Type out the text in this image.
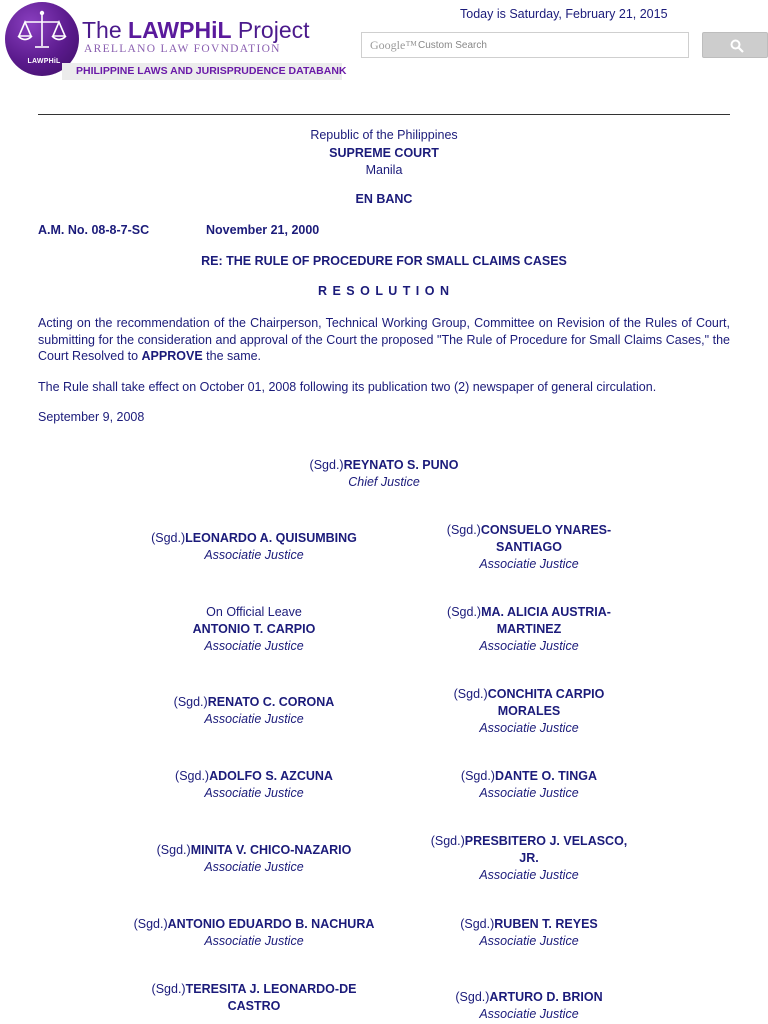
LAWPHiL
The LAWPHiL Project
ARELLANO LAW FOVNDATION
PHILIPPINE LAWS AND JURISPRUDENCE DATABANK
Today is Saturday, February 21, 2015
Google™
Custom Search
Republic of the Philippines
SUPREME COURT
Manila
EN BANC
A.M. No. 08-8-7-SC	November 21, 2000
RE: THE RULE OF PROCEDURE FOR SMALL CLAIMS CASES
R E S O L U T I O N
Acting on the recommendation of the Chairperson, Technical Working Group, Committee on Revision of the Rules of Court, submitting for the consideration and approval of the Court the proposed "The Rule of Procedure for Small Claims Cases," the Court Resolved to APPROVE the same.
The Rule shall take effect on October 01, 2008 following its publication two (2) newspaper of general circulation.
September 9, 2008
(Sgd.)REYNATO S. PUNO
Chief Justice
(Sgd.)LEONARDO A. QUISUMBING
Associatie Justice
On Official Leave
ANTONIO T. CARPIO
Associatie Justice
(Sgd.)RENATO C. CORONA
Associatie Justice
(Sgd.)ADOLFO S. AZCUNA
Associatie Justice
(Sgd.)MINITA V. CHICO-NAZARIO
Associatie Justice
(Sgd.)ANTONIO EDUARDO B. NACHURA
Associatie Justice
(Sgd.)TERESITA J. LEONARDO-DE
CASTRO
(Sgd.)CONSUELO YNARES-
SANTIAGO
Associatie Justice
(Sgd.)MA. ALICIA AUSTRIA-
MARTINEZ
Associatie Justice
(Sgd.)CONCHITA CARPIO
MORALES
Associatie Justice
(Sgd.)DANTE O. TINGA
Associatie Justice
(Sgd.)PRESBITERO J. VELASCO,
JR.
Associatie Justice
(Sgd.)RUBEN T. REYES
Associatie Justice
(Sgd.)ARTURO D. BRION
Associatie Justice
